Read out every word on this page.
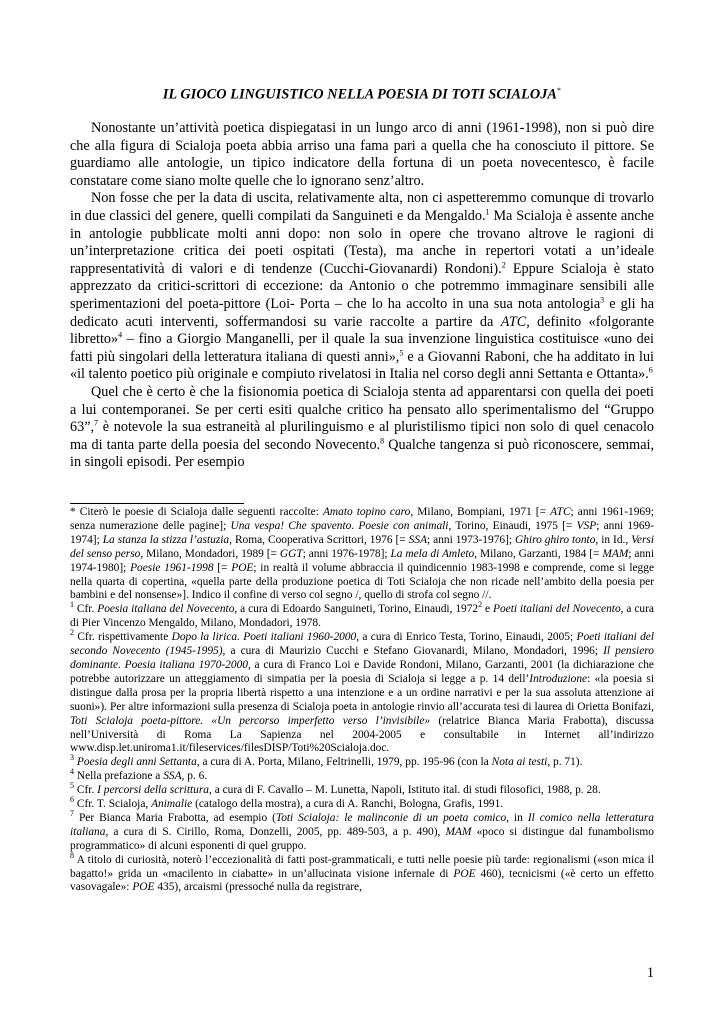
IL GIOCO LINGUISTICO NELLA POESIA DI TOTI SCIALOJA*

Nonostante un’attività poetica dispiegatasi in un lungo arco di anni (1961-1998), non si può dire che alla figura di Scialoja poeta abbia arriso una fama pari a quella che ha conosciuto il pittore. Se guardiamo alle antologie, un tipico indicatore della fortuna di un poeta novecentesco, è facile constatare come siano molte quelle che lo ignorano senz’altro.

Non fosse che per la data di uscita, relativamente alta, non ci aspetteremmo comunque di trovarlo in due classici del genere, quelli compilati da Sanguineti e da Mengaldo.$^1$ Ma Scialoja è assente anche in antologie pubblicate molti anni dopo: non solo in opere che trovano altrove le ragioni di un’interpretazione critica dei poeti ospitati (Testa), ma anche in repertori votati a un’ideale rappresentatività di valori e di tendenze (Cucchi-Giovanardi) Rondoni).$^2$ Eppure Scialoja è stato apprezzato da critici-scrittori di eccezione: da Antonio o che potremmo immaginare sensibili alle sperimentazioni del poeta-pittore (Loi- Porta – che lo ha accolto in una sua nota antologia$^3$ e gli ha dedicato acuti interventi, soffermandosi su varie raccolte a partire da ATC, definito «folgorante libretto»$^4$ – fino a Giorgio Manganelli, per il quale la sua invenzione linguistica costituisce «uno dei fatti più singolari della letteratura italiana di questi anni»,$^5$ e a Giovanni Raboni, che ha additato in lui «il talento poetico più originale e compiuto rivelatosi in Italia nel corso degli anni Settanta e Ottanta».$^6$

Quel che è certo è che la fisionomia poetica di Scialoja stenta ad apparentarsi con quella dei poeti a lui contemporanei. Se per certi esiti qualche critico ha pensato allo sperimentalismo del “Gruppo 63”,$^7$ è notevole la sua estraneità al plurilinguismo e al pluristilismo tipici non solo di quel cenacolo ma di tanta parte della poesia del secondo Novecento.$^8$ Qualche tangenza si può riconoscere, semmai, in singoli episodi. Per esempio

* Citerò le poesie di Scialoja dalle seguenti raccolte: Amato topino caro, Milano, Bompiani, 1971 [= ATC; anni 1961-1969; senza numerazione delle pagine]; Una vespa! Che spavento. Poesie con animali, Torino, Einaudi, 1975 [= VSP; anni 1969-1974]; La stanza la stizza l’astuzia, Roma, Cooperativa Scrittori, 1976 [= SSA; anni 1973-1976]; Ghiro ghiro tonto, in Id., Versi del senso perso, Milano, Mondadori, 1989 [= GGT; anni 1976-1978]; La mela di Amleto, Milano, Garzanti, 1984 [= MAM; anni 1974-1980]; Poesie 1961-1998 [= POE; in realtà il volume abbraccia il quindicennio 1983-1998 e comprende, come si legge nella quarta di copertina, «quella parte della produzione poetica di Toti Scialoja che non ricade nell’ambito della poesia per bambini e del nonsense»]. Indico il confine di verso col segno /, quello di strofa col segno //.

$^1$ Cfr. Poesia italiana del Novecento, a cura di Edoardo Sanguineti, Torino, Einaudi, 1972$^2$ e Poeti italiani del Novecento, a cura di Pier Vincenzo Mengaldo, Milano, Mondadori, 1978.

$^2$ Cfr. rispettivamente Dopo la lirica. Poeti italiani 1960-2000, a cura di Enrico Testa, Torino, Einaudi, 2005; Poeti italiani del secondo Novecento (1945-1995), a cura di Maurizio Cucchi e Stefano Giovanardi, Milano, Mondadori, 1996; Il pensiero dominante. Poesia italiana 1970-2000, a cura di Franco Loi e Davide Rondoni, Milano, Garzanti, 2001 (la dichiarazione che potrebbe autorizzare un atteggiamento di simpatia per la poesia di Scialoja si legge a p. 14 dell’Introduzione: «la poesia si distingue dalla prosa per la propria libertà rispetto a una intenzione e a un ordine narrativi e per la sua assoluta attenzione ai suoni»). Per altre informazioni sulla presenza di Scialoja poeta in antologie rinvio all’accurata tesi di laurea di Orietta Bonifazi, Toti Scialoja poeta-pittore. «Un percorso imperfetto verso l’invisibile» (relatrice Bianca Maria Frabotta), discussa nell’Università di Roma La Sapienza nel 2004-2005 e consultabile in Internet all’indirizzo www.disp.let.uniroma1.it/fileservices/filesDISP/Toti%20Scialoja.doc.

$^3$ Poesia degli anni Settanta, a cura di A. Porta, Milano, Feltrinelli, 1979, pp. 195-96 (con la Nota ai testi, p. 71).

$^4$ Nella prefazione a SSA, p. 6.

$^5$ Cfr. I percorsi della scrittura, a cura di F. Cavallo – M. Lunetta, Napoli, Istituto ital. di studi filosofici, 1988, p. 28.

$^6$ Cfr. T. Scialoja, Animalie (catalogo della mostra), a cura di A. Ranchi, Bologna, Grafis, 1991.

$^7$ Per Bianca Maria Frabotta, ad esempio (Toti Scialoja: le malinconie di un poeta comico, in Il comico nella letteratura italiana, a cura di S. Cirillo, Roma, Donzelli, 2005, pp. 489-503, a p. 490), MAM «poco si distingue dal funambolismo programmatico» di alcuni esponenti di quel gruppo.

$^8$ A titolo di curiosità, noterò l’eccezionalità di fatti post-grammaticali, e tutti nelle poesie più tarde: regionalismi («son mica il bagatto!» grida un «macilento in ciabatte» in un’allucinata visione infernale di POE 460), tecnicismi («è certo un effetto vasovagale»: POE 435), arcaismi (pressoché nulla da registrare,

1
